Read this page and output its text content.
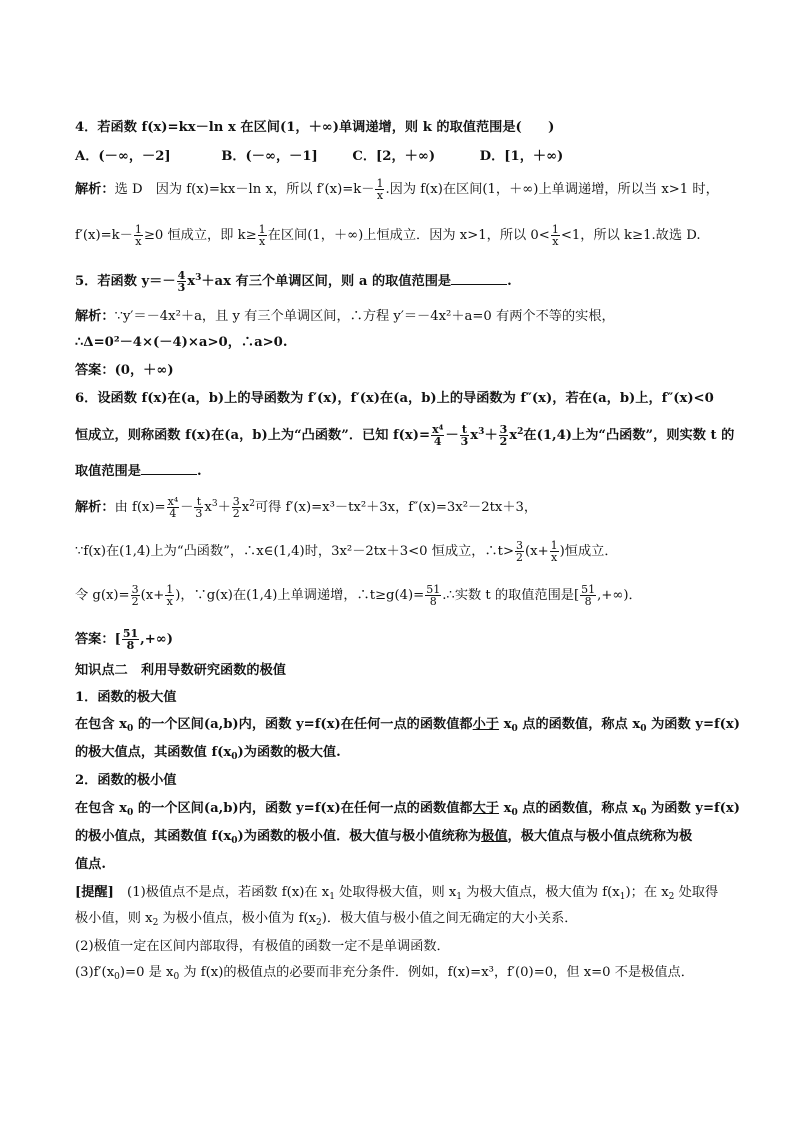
4．若函数 f(x)=kx－ln x 在区间(1，＋∞)单调递增，则 k 的取值范围是(　　)
A．(－∞，－2]	B．(－∞，－1]	C．[2，＋∞)	D．[1，＋∞)
解析：选 D　因为 f(x)=kx－ln x，所以 $f'(x)=k- \frac{1}{x}$ .因为 f(x)在区间(1，＋∞)上单调递增，所以当 x>1 时，
$f'(x)=k- \frac{1}{x} \ge 0$ 恒成立，即 $k\ge \frac{1}{x}$ 在区间(1，＋∞)上恒成立．因为 x>1，所以 $0< \frac{1}{x} <1$，所以 k≥1.故选 D.
5．若函数 $y=- \frac{4}{3} x^3+ax$ 有三个单调区间，则 a 的取值范围是	.
解析：∵y′＝－4x²＋a，且 y 有三个单调区间，∴方程 y′＝－4x²＋a=0 有两个不等的实根，
∴Δ=0²－4×(－4)×a>0，∴a>0.
答案：(0，＋∞)
6．设函数 f(x)在(a，b)上的导函数为 f′(x)，f′(x)在(a，b)上的导函数为 f″(x)，若在(a，b)上，f″(x)<0
恒成立，则称函数 f(x)在(a，b)上为“凸函数”．已知 $f(x)= \frac{\text{x⁴}}{4} - \frac{t}{3} x^3+ \frac{3}{2} x^2$在(1,4)上为“凸函数”，则实数 t 的
取值范围是	.
解析：由 $f(x)= \frac{\text{x⁴}}{4} - \frac{t}{3} x^3+ \frac{3}{2} x^2$可得 f′(x)=x³－tx²＋3x，f″(x)=3x²－2tx＋3，
∵f(x)在(1,4)上为“凸函数”，∴x∈(1,4)时，3x²－2tx＋3<0 恒成立，∴t> $\frac{3}{2} (x+ \frac{1}{x}$ )恒成立．
令 $g(x)= \frac{3}{2} (x+ \frac{1}{x}$ )，∵g(x)在(1,4)上单调递增，∴t≥g(4)= $\frac{51}{8}$ .∴实数 t 的取值范围是[ $\frac{51}{8}$ ,+∞)．
答案：[ $\frac{51}{8}$ ,+∞)
知识点二　利用导数研究函数的极值
1．函数的极大值
在包含 $x_0$ 的一个区间(a,b)内，函数 y=f(x)在任何一点的函数值都小于 $x_0$ 点的函数值，称点 $x_0$ 为函数 y=f(x)
的极大值点，其函数值 $f(x_0)$为函数的极大值.
2．函数的极小值
在包含 $x_0$ 的一个区间(a,b)内，函数 y=f(x)在任何一点的函数值都大于 $x_0$ 点的函数值，称点 $x_0$ 为函数 y=f(x)
的极小值点，其函数值 $f(x_0)$为函数的极小值．极大值与极小值统称为极值，极大值点与极小值点统称为极
值点.
[提醒]　(1)极值点不是点，若函数 f(x)在 $x_1$ 处取得极大值，则 $x_1$ 为极大值点，极大值为 $f(x_1)$；在 $x_2$ 处取得
极小值，则 $x_2$ 为极小值点，极小值为 $f(x_2)$．极大值与极小值之间无确定的大小关系．
(2)极值一定在区间内部取得，有极值的函数一定不是单调函数．
$(3)f'(x_0)=0$ 是 $x_0$ 为 f(x)的极值点的必要而非充分条件．例如，f(x)=x³，f′(0)=0，但 x=0 不是极值点．
